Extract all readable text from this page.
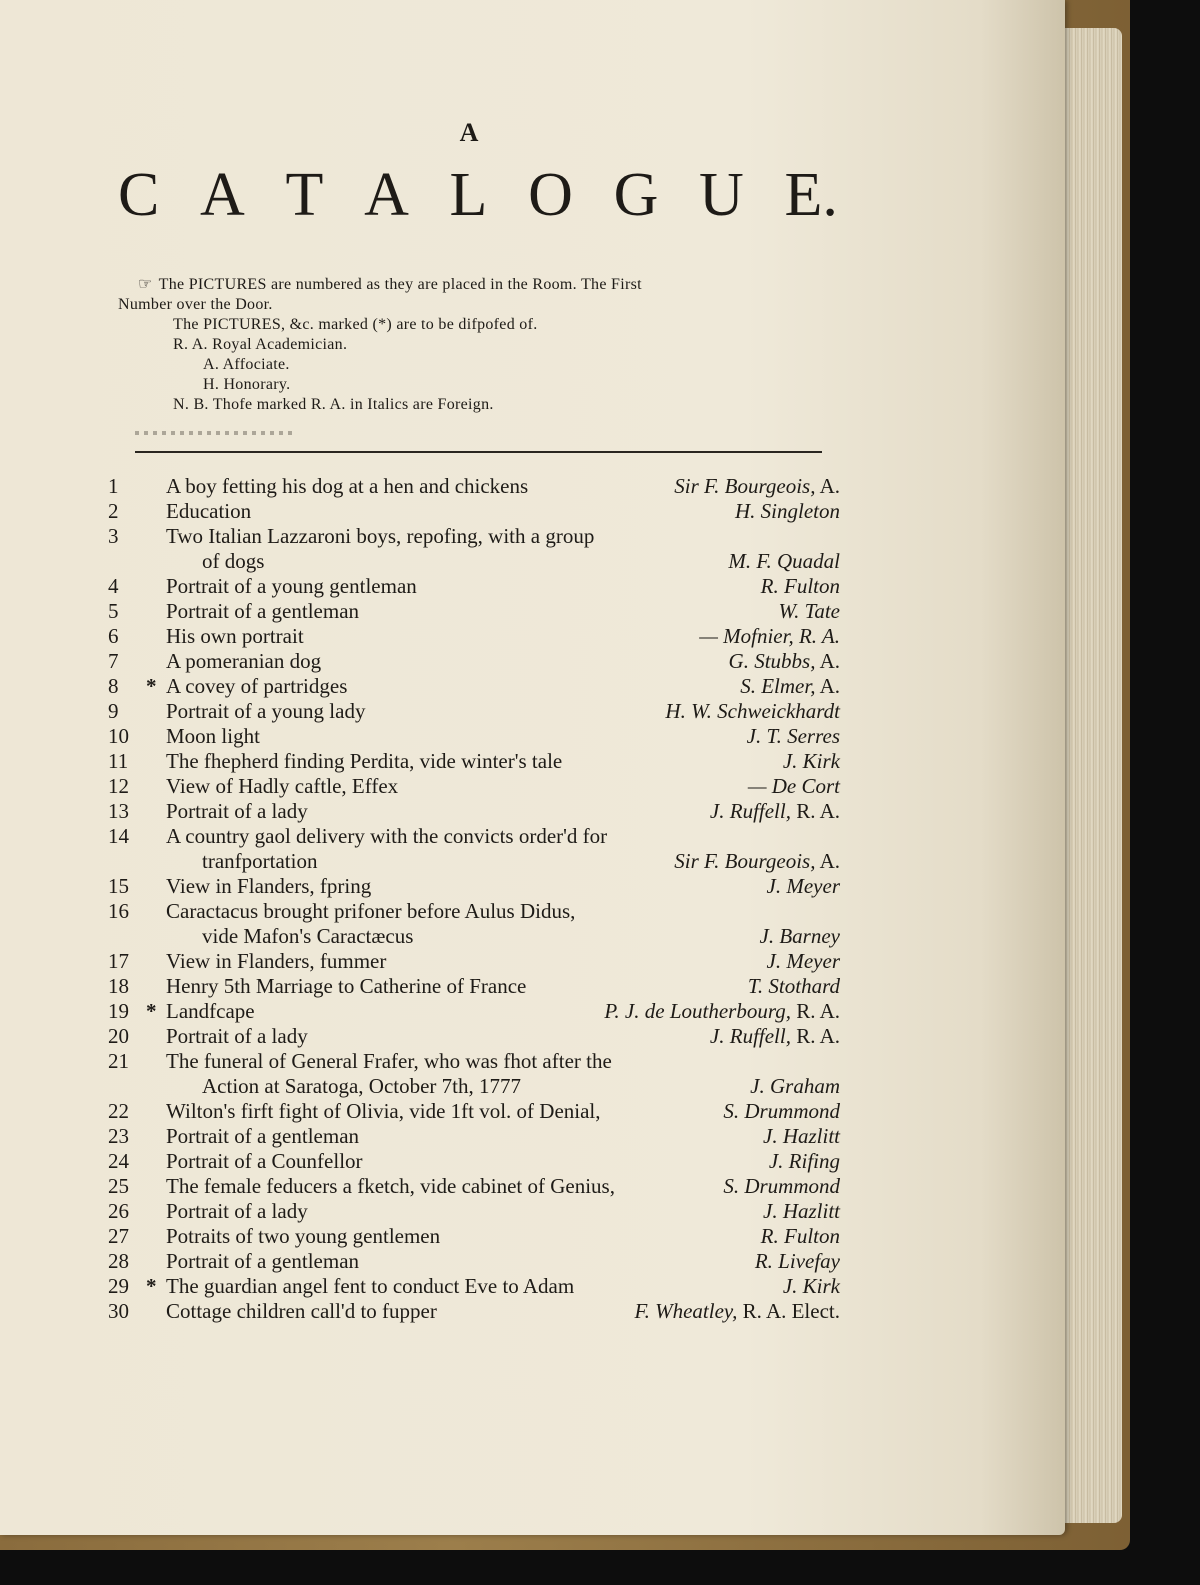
A
C A T A L O G U E.
☞ The PICTURES are numbered as they are placed in the Room. The First
Number over the Door.
The PICTURES, &c. marked (*) are to be difpofed of.
R. A. Royal Academician.
A. Affociate.
H. Honorary.
N. B. Thofe marked R. A. in Italics are Foreign.
1	A boy fetting his dog at a hen and chickens	Sir F. Bourgeois, A.
2	Education	H. Singleton
3	Two Italian Lazzaroni boys, repofing, with a group
of dogs	M. F. Quadal
4	Portrait of a young gentleman	R. Fulton
5	Portrait of a gentleman	W. Tate
6	His own portrait	— Mofnier, R. A.
7	A pomeranian dog	G. Stubbs, A.
8	* A covey of partridges	S. Elmer, A.
9	Portrait of a young lady	H. W. Schweickhardt
10	Moon light	J. T. Serres
11	The fhepherd finding Perdita, vide winter's tale	J. Kirk
12	View of Hadly caftle, Effex	— De Cort
13	Portrait of a lady	J. Ruffell, R. A.
14	A country gaol delivery with the convicts order'd for
tranfportation	Sir F. Bourgeois, A.
15	View in Flanders, fpring	J. Meyer
16	Caractacus brought prifoner before Aulus Didus,
vide Mafon's Caractæcus	J. Barney
17	View in Flanders, fummer	J. Meyer
18	Henry 5th Marriage to Catherine of France	T. Stothard
19 * Landfcape	P. J. de Loutherbourg, R. A.
20	Portrait of a lady	J. Ruffell, R. A.
21	The funeral of General Frafer, who was fhot after the
Action at Saratoga, October 7th, 1777	J. Graham
22	Wilton's firft fight of Olivia, vide 1ft vol. of Denial,	S. Drummond
23	Portrait of a gentleman	J. Hazlitt
24	Portrait of a Counfellor	J. Rifing
25	The female feducers a fketch, vide cabinet of Genius,	S. Drummond
26	Portrait of a lady	J. Hazlitt
27	Potraits of two young gentlemen	R. Fulton
28	Portrait of a gentleman	R. Livefay
29 * The guardian angel fent to conduct Eve to Adam	J. Kirk
30	Cottage children call'd to fupper	F. Wheatley, R. A. Elect.
